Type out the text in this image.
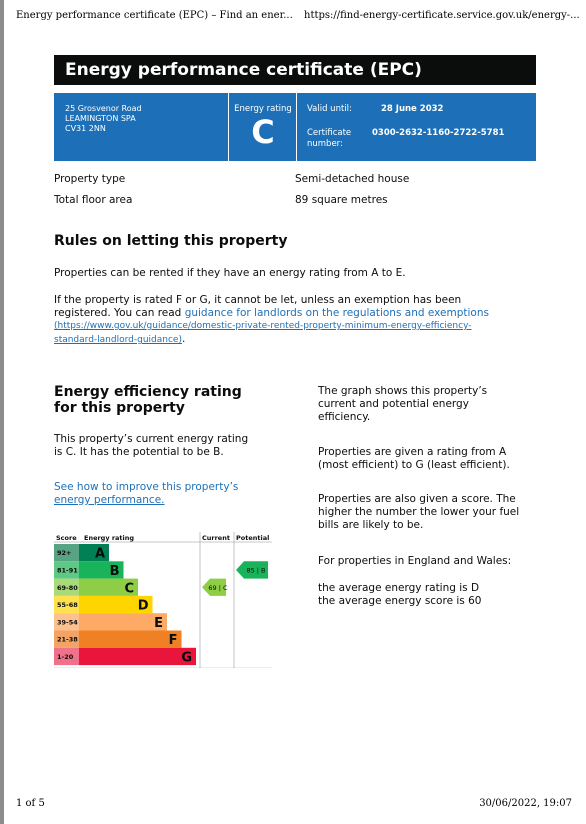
Energy performance certificate (EPC) – Find an ener... https://find-energy-certificate.service.gov.uk/energy-...
Energy performance certificate (EPC)
25 Grosvenor Road
LEAMINGTON SPA
CV31 2NN
Energy rating
C
Valid until:	28 June 2032
Certificate
number:
0300-2632-1160-2722-5781
Property type	Semi-detached house
Total floor area	89 square metres
Rules on letting this property
Properties can be rented if they have an energy rating from A to E.
If the property is rated F or G, it cannot be let, unless an exemption has been
registered. You can read guidance for landlords on the regulations and exemptions
(https://www.gov.uk/guidance/domestic-private-rented-property-minimum-energy-efficiency-
standard-landlord-guidance).
Energy efficiency rating
for this property
This property’s current energy rating
is C. It has the potential to be B.
See how to improve this property’s
energy performance.
The graph shows this property’s
current and potential energy
efficiency.
Properties are given a rating from A
(most efficient) to G (least efficient).
Properties are also given a score. The
higher the number the lower your fuel
bills are likely to be.
For properties in England and Wales:
the average energy rating is D
the average energy score is 60
Score Energy rating	Current Potential
92+ A
81-91 B
69-80	C
55-68	D
39-54	E
21-38	F
1-20	G
69 | C
85 | B
1 of 5	30/06/2022, 19:07
